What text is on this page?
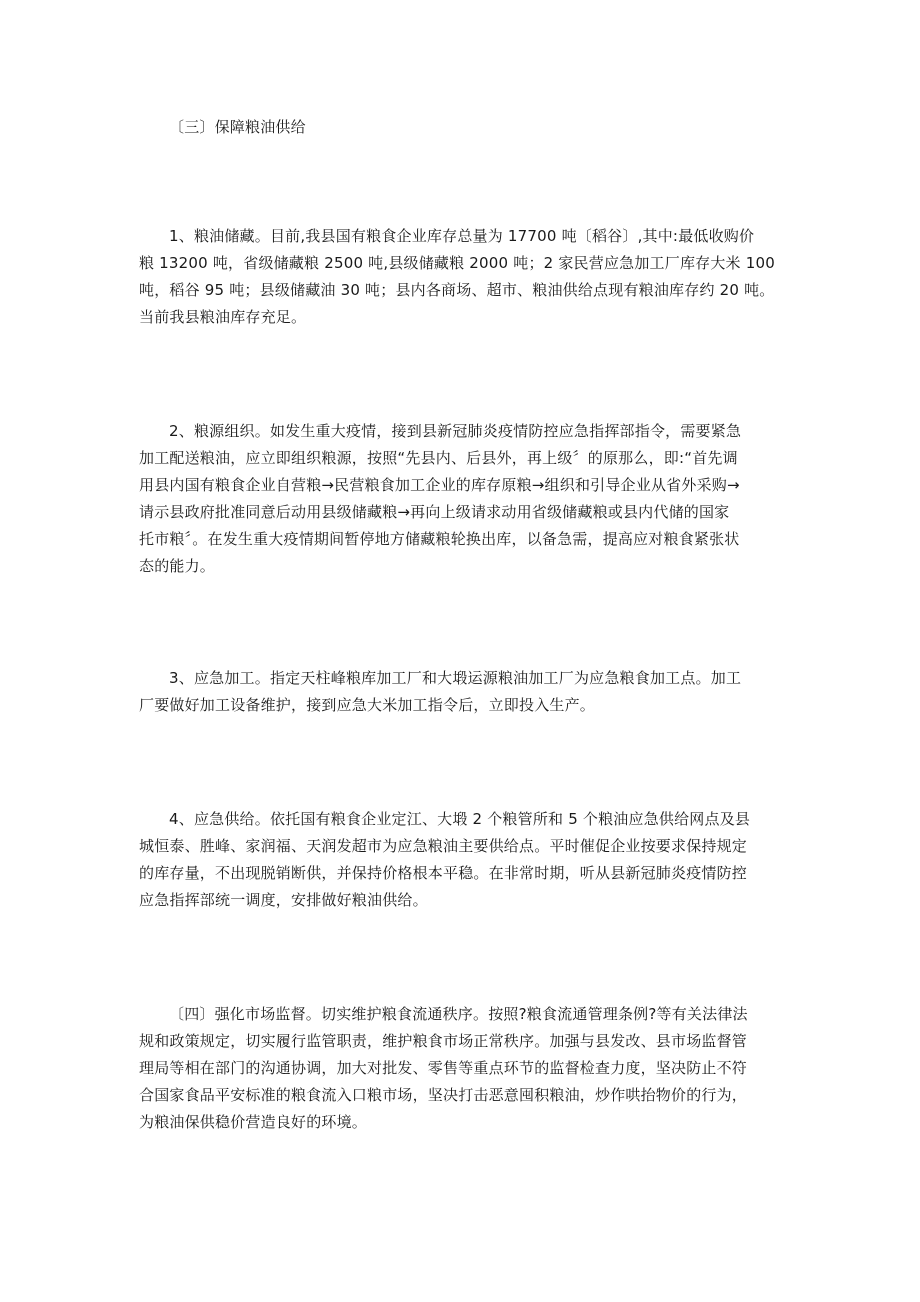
〔三〕保障粮油供给

1、粮油储藏。目前,我县国有粮食企业库存总量为 17700 吨〔稻谷〕,其中:最低收购价
粮 13200 吨，省级储藏粮 2500 吨,县级储藏粮 2000 吨；2 家民营应急加工厂库存大米 100
吨，稻谷 95 吨；县级储藏油 30 吨；县内各商场、超市、粮油供给点现有粮油库存约 20 吨。
当前我县粮油库存充足。

2、粮源组织。如发生重大疫情，接到县新冠肺炎疫情防控应急指挥部指令，需要紧急
加工配送粮油，应立即组织粮源，按照“先县内、后县外，再上级〞的原那么，即:“首先调
用县内国有粮食企业自营粮→民营粮食加工企业的库存原粮→组织和引导企业从省外采购→
请示县政府批准同意后动用县级储藏粮→再向上级请求动用省级储藏粮或县内代储的国家
托市粮〞。在发生重大疫情期间暂停地方储藏粮轮换出库，以备急需，提高应对粮食紧张状
态的能力。

3、应急加工。指定天柱峰粮库加工厂和大塅运源粮油加工厂为应急粮食加工点。加工
厂要做好加工设备维护，接到应急大米加工指令后，立即投入生产。

4、应急供给。依托国有粮食企业定江、大塅 2 个粮管所和 5 个粮油应急供给网点及县
城恒泰、胜峰、家润福、天润发超市为应急粮油主要供给点。平时催促企业按要求保持规定
的库存量，不出现脱销断供，并保持价格根本平稳。在非常时期，听从县新冠肺炎疫情防控
应急指挥部统一调度，安排做好粮油供给。

〔四〕强化市场监督。切实维护粮食流通秩序。按照?粮食流通管理条例?等有关法律法
规和政策规定，切实履行监管职责，维护粮食市场正常秩序。加强与县发改、县市场监督管
理局等相在部门的沟通协调，加大对批发、零售等重点环节的监督检查力度，坚决防止不符
合国家食品平安标准的粮食流入口粮市场，坚决打击恶意囤积粮油，炒作哄抬物价的行为，
为粮油保供稳价营造良好的环境。
